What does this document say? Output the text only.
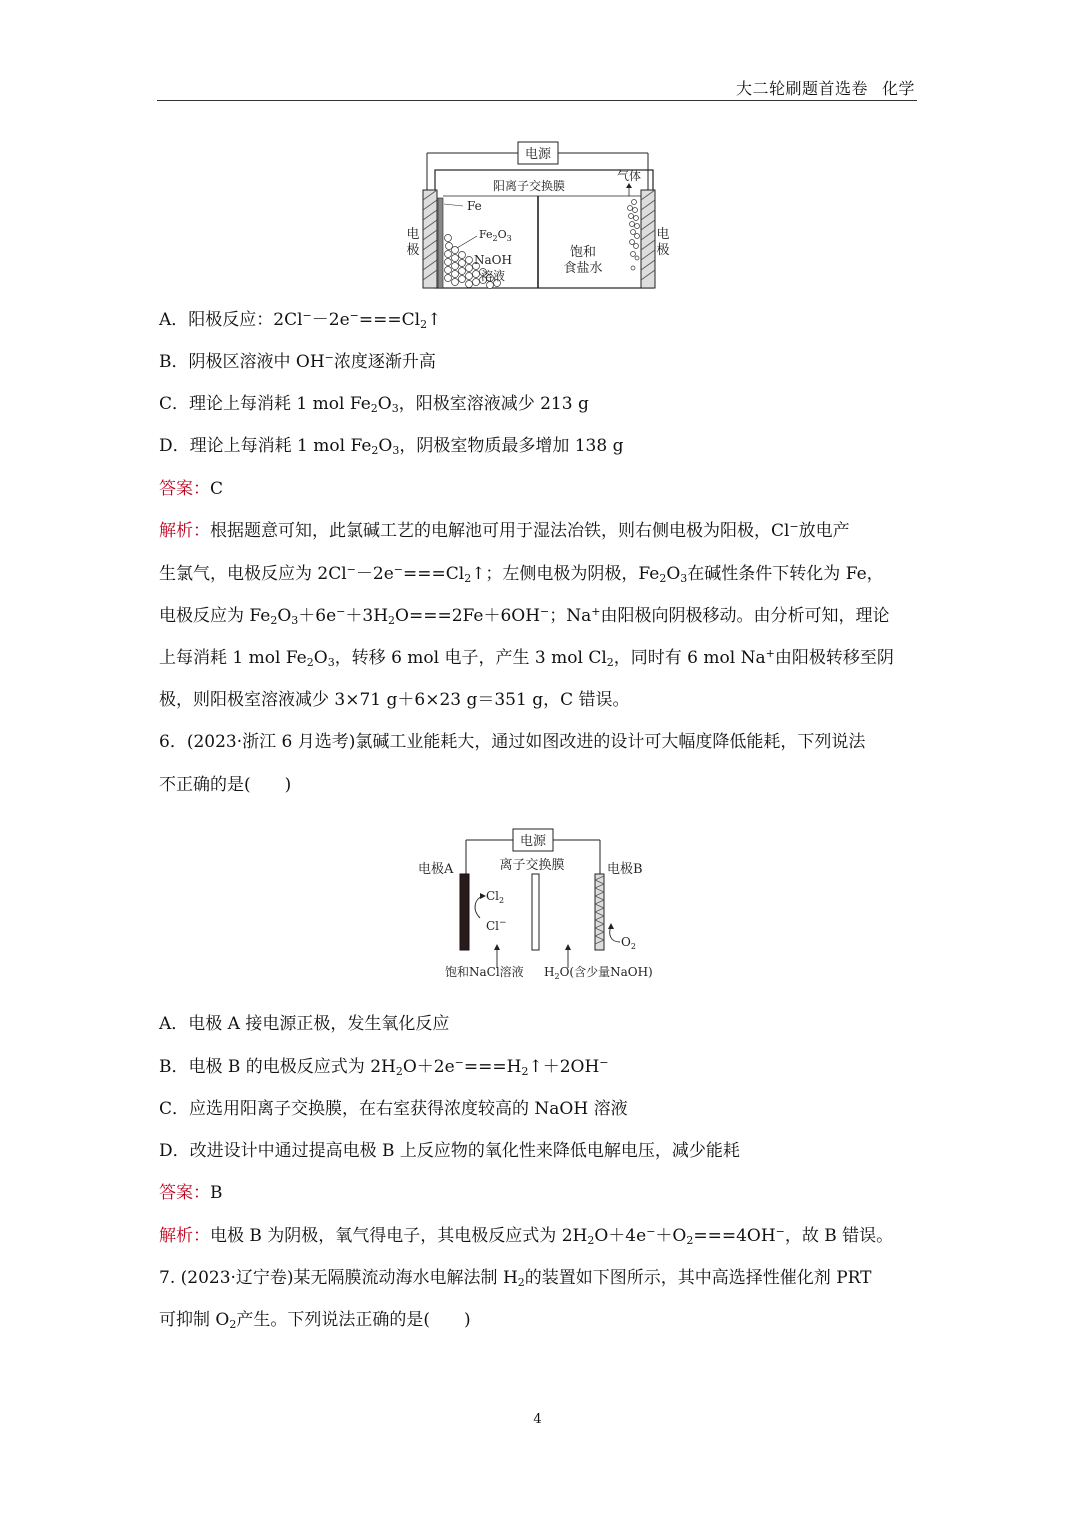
大二轮刷题首选卷 化学
电源
阳离子交换膜
气体
Fe
$Fe_2O_3$
NaOH
溶液
饱和
食盐水
电
极
电
极
A．阳极反应：$2Cl^--2e^-===Cl_2↑$
B．阴极区溶液中 OH−浓度逐渐升高
C．理论上每消耗 1 mol $Fe_2O_3$，阳极室溶液减少 213 g
D．理论上每消耗 1 mol $Fe_2O_3$，阴极室物质最多增加 138 g
答案：C
解析：根据题意可知，此氯碱工艺的电解池可用于湿法冶铁，则右侧电极为阳极，Cl−放电产
生氯气，电极反应为 $2Cl^--2e^-===Cl_2↑$；左侧电极为阴极，$Fe_2O_3$在碱性条件下转化为 Fe，
电极反应为 $Fe_2O_3+6e^-+3H_2O===2Fe+6OH^-$；Na+由阳极向阴极移动。由分析可知，理论
上每消耗 1 mol $Fe_2O_3$，转移 6 mol 电子，产生 3 mol $Cl_2$，同时有 6 mol Na+由阳极转移至阴
极，则阳极室溶液减少 3×71 g＋6×23 g＝351 g，C 错误。
6．(2023·浙江 6 月选考)氯碱工业能耗大，通过如图改进的设计可大幅度降低能耗，下列说法
不正确的是(　　)
电源
离子交换膜
电极A	电极B
$Cl_2$
Cl−
$O_2$
饱和NaCl溶液 $H_2O$(含少量NaOH)
A．电极 A 接电源正极，发生氧化反应
B．电极 B 的电极反应式为 $2H_2O+2e^-===H_2↑+2OH^-$
C．应选用阳离子交换膜，在右室获得浓度较高的 NaOH 溶液
D．改进设计中通过提高电极 B 上反应物的氧化性来降低电解电压，减少能耗
答案：B
解析：电极 B 为阴极，氧气得电子，其电极反应式为 $2H_2O+4e^-+O_2===4OH^-$，故 B 错误。
7. (2023·辽宁卷)某无隔膜流动海水电解法制 $H_2$的装置如下图所示，其中高选择性催化剂 PRT
可抑制 $O_2$产生。下列说法正确的是(　　)
4
